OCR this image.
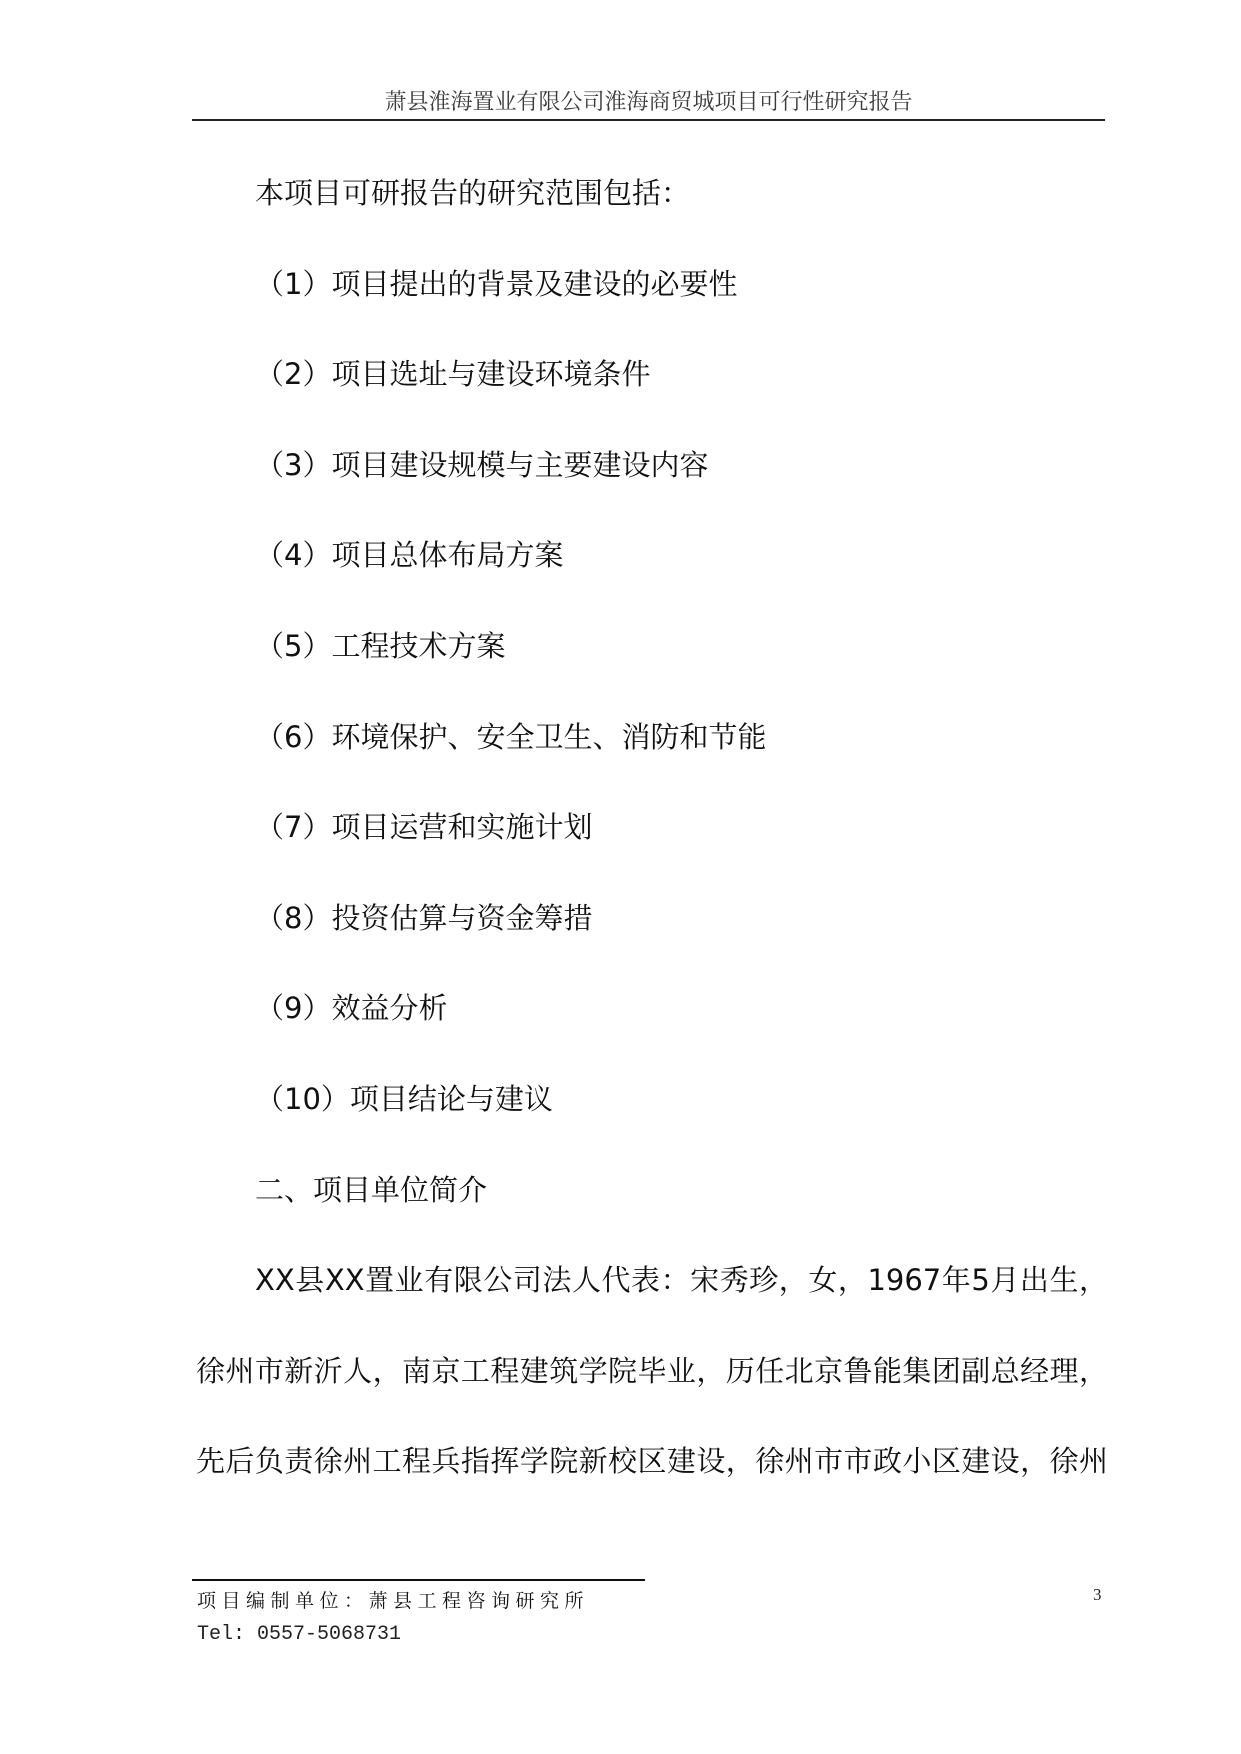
萧县淮海置业有限公司淮海商贸城项目可行性研究报告
本项目可研报告的研究范围包括：
（1）项目提出的背景及建设的必要性
（2）项目选址与建设环境条件
（3）项目建设规模与主要建设内容
（4）项目总体布局方案
（5）工程技术方案
（6）环境保护、安全卫生、消防和节能
（7）项目运营和实施计划
（8）投资估算与资金筹措
（9）效益分析
（10）项目结论与建议
二、项目单位简介
XX县XX置业有限公司法人代表：宋秀珍，女，1967年5月出生，
徐州市新沂人，南京工程建筑学院毕业，历任北京鲁能集团副总经理，
先后负责徐州工程兵指挥学院新校区建设，徐州市市政小区建设，徐州
项目编制单位：萧县工程咨询研究所
Tel: 0557-5068731
3
